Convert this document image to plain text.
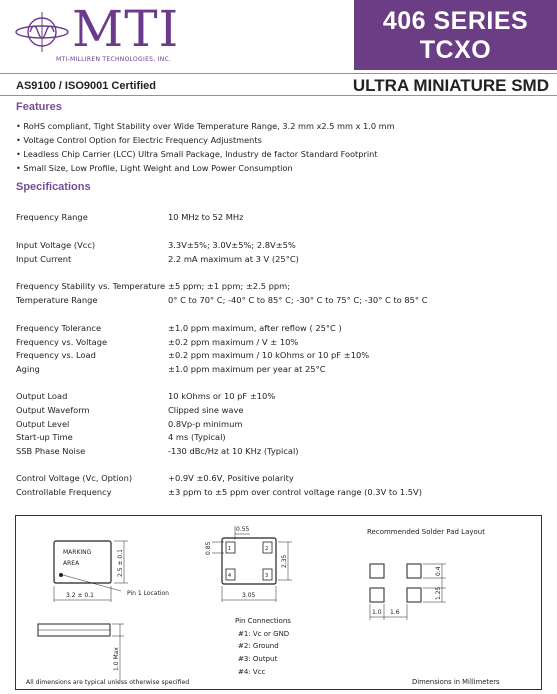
MTI
MTI-MILLIREN TECHNOLOGIES, INC.
406 SERIES
TCXO
AS9100 / ISO9001 Certified	ULTRA MINIATURE SMD
Features
• RoHS compliant, Tight Stability over Wide Temperature Range, 3.2 mm x2.5 mm x 1.0 mm
• Voltage Control Option for Electric Frequency Adjustments
• Leadless Chip Carrier (LCC) Ultra Small Package, Industry de factor Standard Footprint
• Small Size, Low Profile, Light Weight and Low Power Consumption
Specifications
Frequency Range	10 MHz to 52 MHz
Input Voltage (Vcc)	3.3V±5%; 3.0V±5%; 2.8V±5%
Input Current	2.2 mA maximum at 3 V (25°C)
Frequency Stability vs. Temperature ±5 ppm; ±1 ppm; ±2.5 ppm;
Temperature Range	0° C to 70° C; -40° C to 85° C; -30° C to 75° C; -30° C to 85° C
Frequency Tolerance	±1.0 ppm maximum, after reflow ( 25°C )
Frequency vs. Voltage	±0.2 ppm maximum / V ± 10%
Frequency vs. Load	±0.2 ppm maximum / 10 kOhms or 10 pF ±10%
Aging	±1.0 ppm maximum per year at 25°C
Output Load	10 kOhms or 10 pF ±10%
Output Waveform	Clipped sine wave
Output Level	0.8Vp-p minimum
Start-up Time	4 ms (Typical)
SSB Phase Noise	-130 dBc/Hz at 10 KHz (Typical)
Control Voltage (Vc, Option)	+0.9V ±0.6V, Positive polarity
Controllable Frequency	±3 ppm to ±5 ppm over control voltage range (0.3V to 1.5V)
MARKING
AREA
Pin 1 Location
3.2 ± 0.1
2.5 ± 0.1
1.0 Max
1	2
3
4
0.55
0.85
3.05
2.35
Pin Connections
#1: Vc or GND
#2: Ground
#3: Output
#4: Vcc
Recommended Solder Pad Layout
0.4
1.25
1.0 1.6
All dimensions are typical unless otherwise specified	Dimensions in Millimeters
